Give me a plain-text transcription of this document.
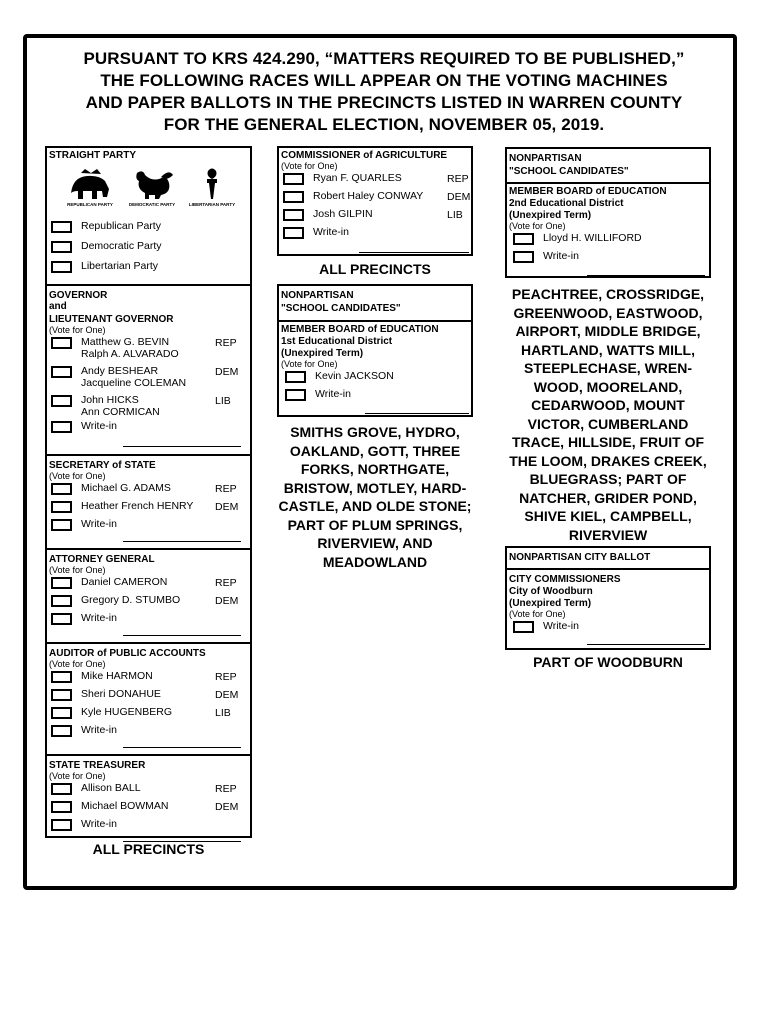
PURSUANT TO KRS 424.290, “MATTERS REQUIRED TO BE PUBLISHED,”
THE FOLLOWING RACES WILL APPEAR ON THE VOTING MACHINES
AND PAPER BALLOTS IN THE PRECINCTS LISTED IN WARREN COUNTY
FOR THE GENERAL ELECTION, NOVEMBER 05, 2019.
STRAIGHT PARTY
REPUBLICAN PARTY	DEMOCRATIC PARTY	LIBERTARIAN PARTY
Republican Party
Democratic Party
Libertarian Party
GOVERNOR
and
LIEUTENANT GOVERNOR
(Vote for One)
Matthew G. BEVIN
Ralph A. ALVARADO
REP
Andy BESHEAR
Jacqueline COLEMAN
DEM
John HICKS
Ann CORMICAN
LIB
Write-in
SECRETARY of STATE
(Vote for One)
Michael G. ADAMS	REP
Heather French HENRY DEM
Write-in
ATTORNEY GENERAL
(Vote for One)
Daniel CAMERON	REP
Gregory D. STUMBO	DEM
Write-in
AUDITOR of PUBLIC ACCOUNTS
(Vote for One)
Mike HARMON	REP
Sheri DONAHUE	DEM
Kyle HUGENBERG	LIB
Write-in
STATE TREASURER
(Vote for One)
Allison BALL	REP
Michael BOWMAN	DEM
Write-in
ALL PRECINCTS
COMMISSIONER of AGRICULTURE
(Vote for One)
Ryan F. QUARLES	REP
Robert Haley CONWAY DEM
Josh GILPIN	LIB
Write-in
ALL PRECINCTS
NONPARTISAN
"SCHOOL CANDIDATES"
MEMBER BOARD of EDUCATION
1st Educational District
(Unexpired Term)
(Vote for One)
Kevin JACKSON
Write-in
SMITHS GROVE, HYDRO,
OAKLAND, GOTT, THREE
FORKS, NORTHGATE,
BRISTOW, MOTLEY, HARD-
CASTLE, AND OLDE STONE;
PART OF PLUM SPRINGS,
RIVERVIEW, AND
MEADOWLAND
NONPARTISAN
"SCHOOL CANDIDATES"
MEMBER BOARD of EDUCATION
2nd Educational District
(Unexpired Term)
(Vote for One)
Lloyd H. WILLIFORD
Write-in
PEACHTREE, CROSSRIDGE,
GREENWOOD, EASTWOOD,
AIRPORT, MIDDLE BRIDGE,
HARTLAND, WATTS MILL,
STEEPLECHASE, WREN-
WOOD, MOORELAND,
CEDARWOOD, MOUNT
VICTOR, CUMBERLAND
TRACE, HILLSIDE, FRUIT OF
THE LOOM, DRAKES CREEK,
BLUEGRASS; PART OF
NATCHER, GRIDER POND,
SHIVE KIEL, CAMPBELL,
RIVERVIEW
NONPARTISAN CITY BALLOT
CITY COMMISSIONERS
City of Woodburn
(Unexpired Term)
(Vote for One)
Write-in
PART OF WOODBURN
